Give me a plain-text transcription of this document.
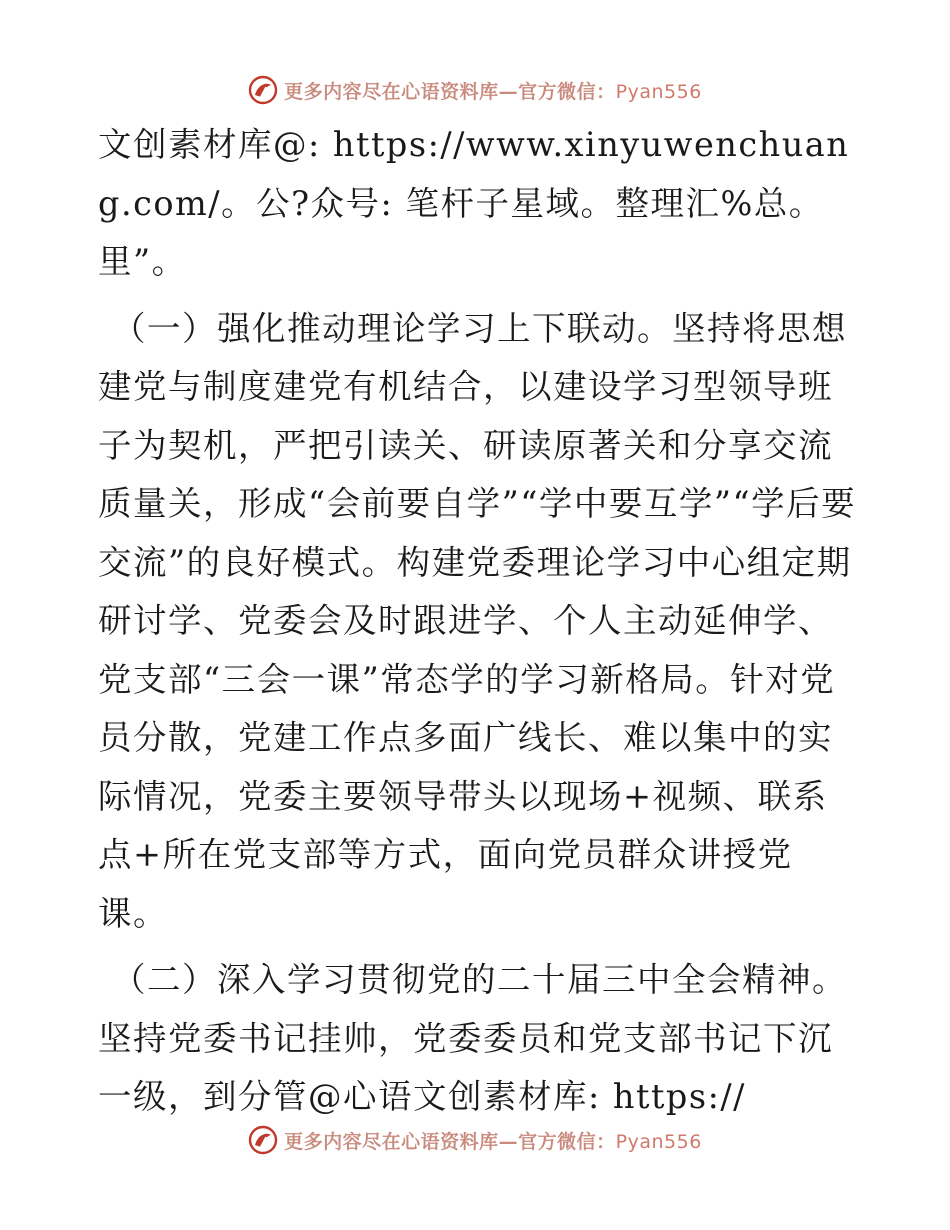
更多内容尽在心语资料库—官方微信：Pyan556

文创素材库@: https://www.xinyuwenchuang.com/。公?众号: 笔杆子星域。整理汇%总。里”。

（一）强化推动理论学习上下联动。坚持将思想建党与制度建党有机结合，以建设学习型领导班子为契机，严把引读关、研读原著关和分享交流质量关，形成“会前要自学”“学中要互学”“学后要交流”的良好模式。构建党委理论学习中心组定期研讨学、党委会及时跟进学、个人主动延伸学、党支部“三会一课”常态学的学习新格局。针对党员分散，党建工作点多面广线长、难以集中的实际情况，党委主要领导带头以现场+视频、联系点+所在党支部等方式，面向党员群众讲授党课。

（二）深入学习贯彻党的二十届三中全会精神。坚持党委书记挂帅，党委委员和党支部书记下沉一级，到分管@心语文创素材库: https://

更多内容尽在心语资料库—官方微信：Pyan556
